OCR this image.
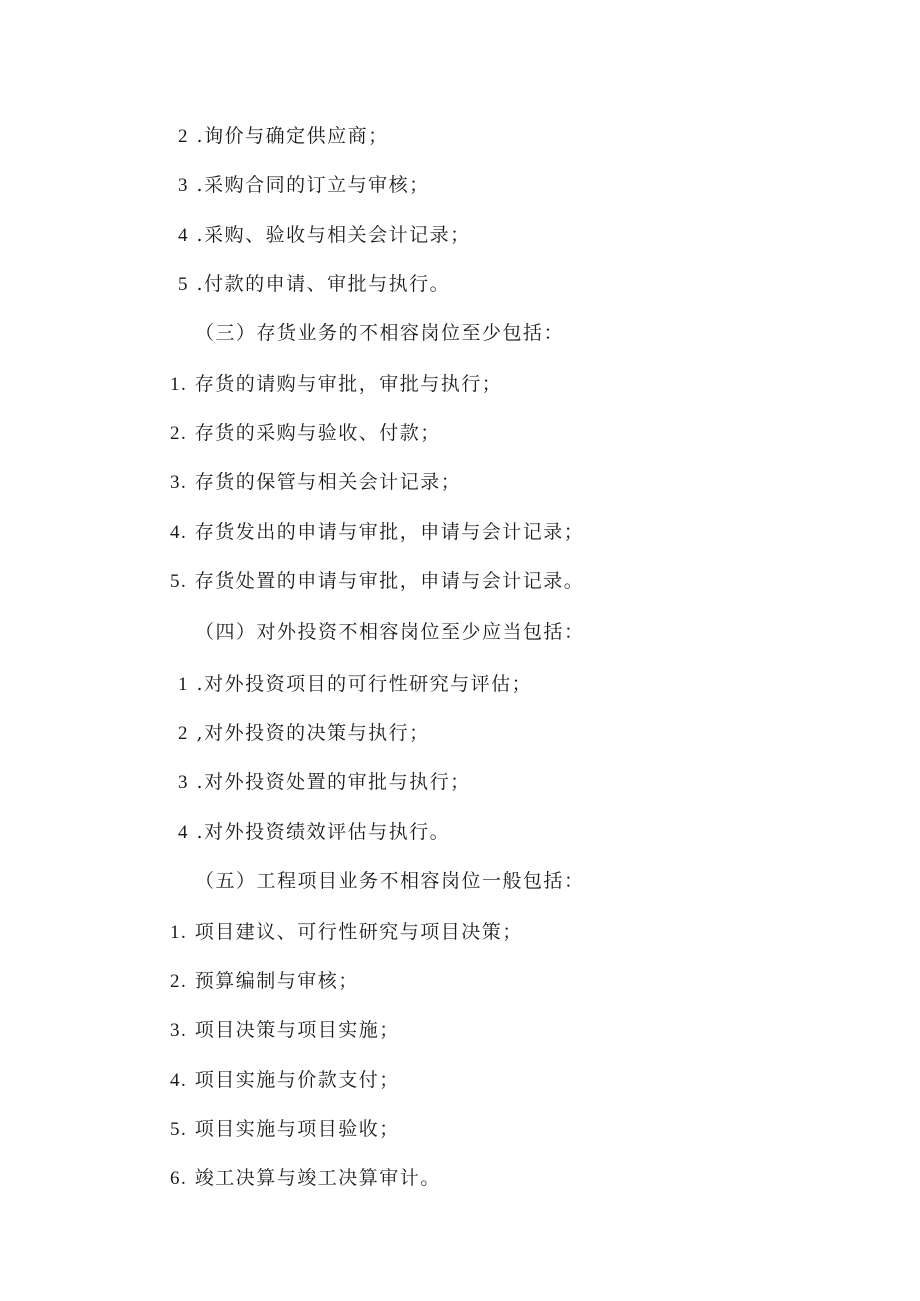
2 .询价与确定供应商；
3 .采购合同的订立与审核；
4 .采购、验收与相关会计记录；
5 .付款的申请、审批与执行。
（三）存货业务的不相容岗位至少包括：
1. 存货的请购与审批，审批与执行；
2. 存货的采购与验收、付款；
3. 存货的保管与相关会计记录；
4. 存货发出的申请与审批，申请与会计记录；
5. 存货处置的申请与审批，申请与会计记录。
（四）对外投资不相容岗位至少应当包括：
1 .对外投资项目的可行性研究与评估；
2 ,对外投资的决策与执行；
3 .对外投资处置的审批与执行；
4 .对外投资绩效评估与执行。
（五）工程项目业务不相容岗位一般包括：
1. 项目建议、可行性研究与项目决策；
2. 预算编制与审核；
3. 项目决策与项目实施；
4. 项目实施与价款支付；
5. 项目实施与项目验收；
6. 竣工决算与竣工决算审计。
